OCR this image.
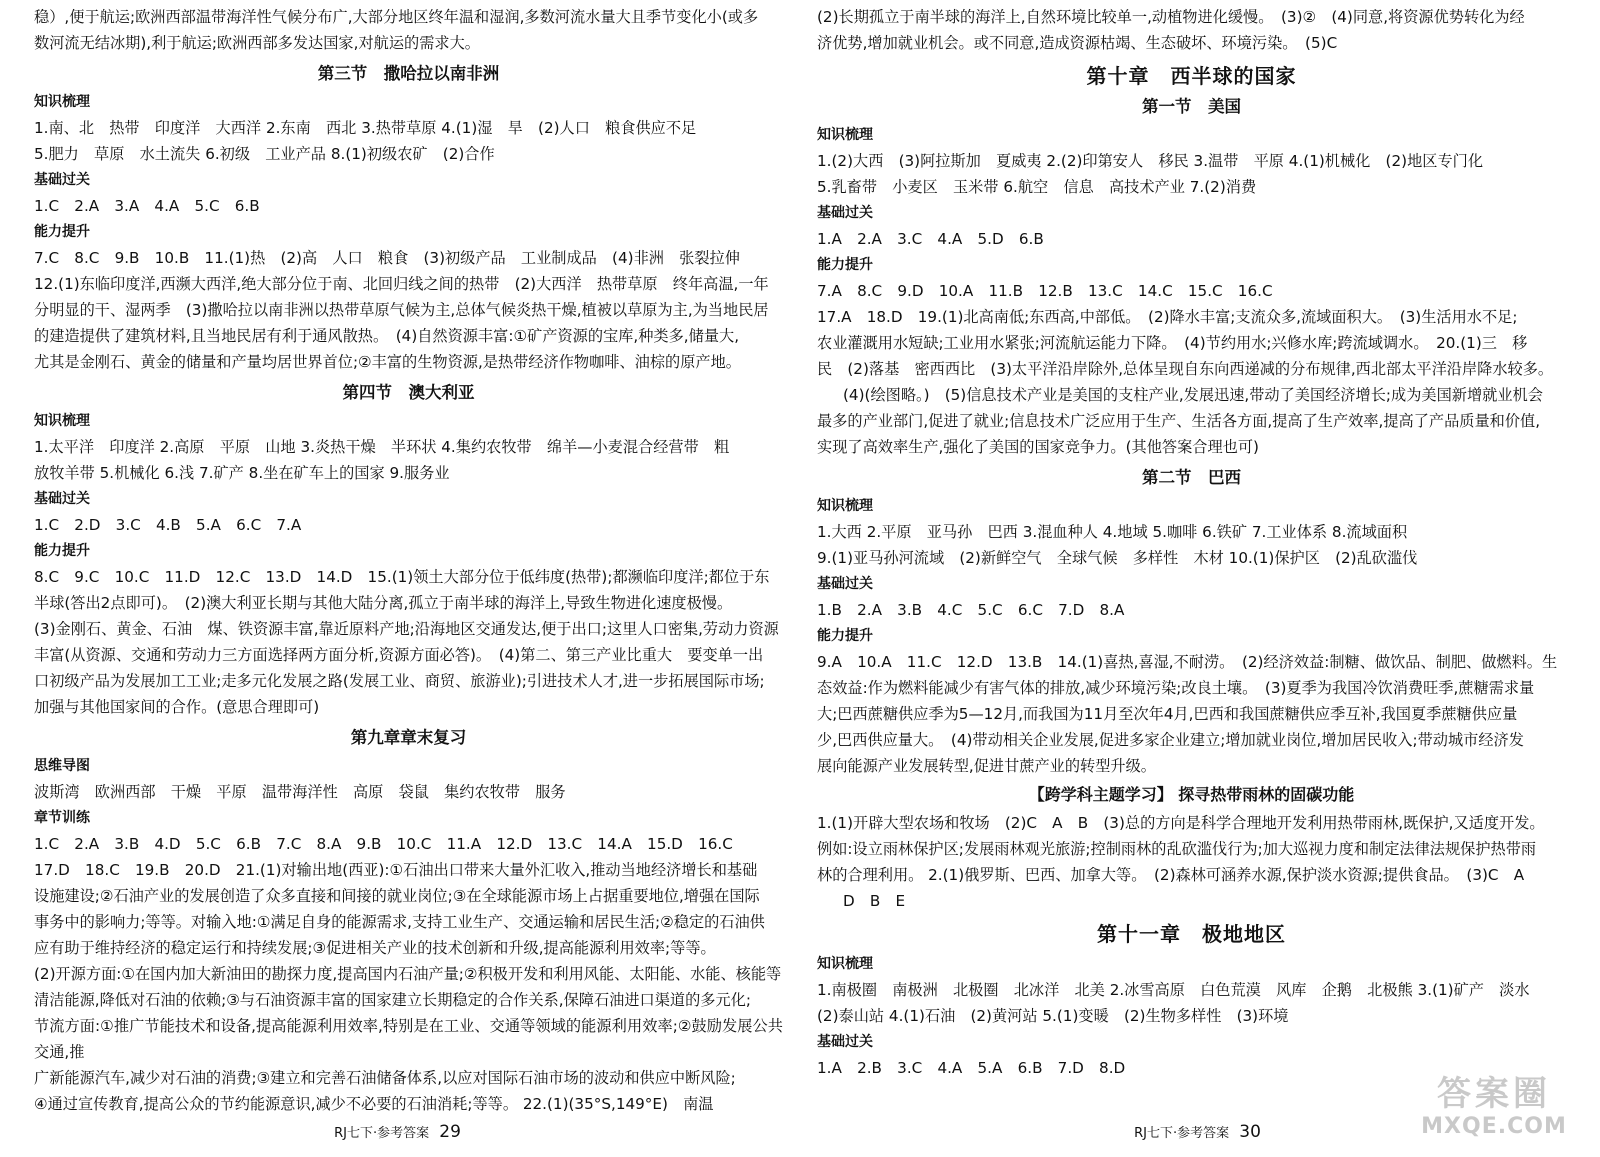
稳）,便于航运;欧洲西部温带海洋性气候分布广,大部分地区终年温和湿润,多数河流水量大且季节变化小(或多

数河流无结冰期),利于航运;欧洲西部多发达国家,对航运的需求大。

第三节　撒哈拉以南非洲

知识梳理

1.南、北　热带　印度洋　大西洋 2.东南　西北 3.热带草原 4.(1)湿　旱　(2)人口　粮食供应不足

5.肥力　草原　水土流失 6.初级　工业产品 8.(1)初级农矿　(2)合作

基础过关

1.C　2.A　3.A　4.A　5.C　6.B

能力提升

7.C　8.C　9.B　10.B　11.(1)热　(2)高　人口　粮食　(3)初级产品　工业制成品　(4)非洲　张裂拉伸

12.(1)东临印度洋,西濒大西洋,绝大部分位于南、北回归线之间的热带　(2)大西洋　热带草原　终年高温,一年

分明显的干、湿两季　(3)撒哈拉以南非洲以热带草原气候为主,总体气候炎热干燥,植被以草原为主,为当地民居

的建造提供了建筑材料,且当地民居有利于通风散热。　(4)自然资源丰富:①矿产资源的宝库,种类多,储量大,

尤其是金刚石、黄金的储量和产量均居世界首位;②丰富的生物资源,是热带经济作物咖啡、油棕的原产地。

第四节　澳大利亚

知识梳理

1.太平洋　印度洋 2.高原　平原　山地 3.炎热干燥　半环状 4.集约农牧带　绵羊—小麦混合经营带　粗

放牧羊带 5.机械化 6.浅 7.矿产 8.坐在矿车上的国家 9.服务业

基础过关

1.C　2.D　3.C　4.B　5.A　6.C　7.A

能力提升

8.C　9.C　10.C　11.D　12.C　13.D　14.D　15.(1)领土大部分位于低纬度(热带);都濒临印度洋;都位于东

半球(答出2点即可)。　(2)澳大利亚长期与其他大陆分离,孤立于南半球的海洋上,导致生物进化速度极慢。

(3)金刚石、黄金、石油　煤、铁资源丰富,靠近原料产地;沿海地区交通发达,便于出口;这里人口密集,劳动力资源

丰富(从资源、交通和劳动力三方面选择两方面分析,资源方面必答)。　(4)第二、第三产业比重大　要变单一出

口初级产品为发展加工工业;走多元化发展之路(发展工业、商贸、旅游业);引进技术人才,进一步拓展国际市场;

加强与其他国家间的合作。(意思合理即可)

第九章章末复习

思维导图

波斯湾　欧洲西部　干燥　平原　温带海洋性　高原　袋鼠　集约农牧带　服务

章节训练

1.C　2.A　3.B　4.D　5.C　6.B　7.C　8.A　9.B　10.C　11.A　12.D　13.C　14.A　15.D　16.C

17.D　18.C　19.B　20.D　21.(1)对输出地(西亚):①石油出口带来大量外汇收入,推动当地经济增长和基础

设施建设;②石油产业的发展创造了众多直接和间接的就业岗位;③在全球能源市场上占据重要地位,增强在国际

事务中的影响力;等等。对输入地:①满足自身的能源需求,支持工业生产、交通运输和居民生活;②稳定的石油供

应有助于维持经济的稳定运行和持续发展;③促进相关产业的技术创新和升级,提高能源利用效率;等等。

(2)开源方面:①在国内加大新油田的勘探力度,提高国内石油产量;②积极开发和利用风能、太阳能、水能、核能等

清洁能源,降低对石油的依赖;③与石油资源丰富的国家建立长期稳定的合作关系,保障石油进口渠道的多元化;

节流方面:①推广节能技术和设备,提高能源利用效率,特别是在工业、交通等领域的能源利用效率;②鼓励发展公共交通,推

广新能源汽车,减少对石油的消费;③建立和完善石油储备体系,以应对国际石油市场的波动和供应中断风险;

④通过宣传教育,提高公众的节约能源意识,减少不必要的石油消耗;等等。 22.(1)(35°S,149°E)　南温

RJ七下·参考答案 29

(2)长期孤立于南半球的海洋上,自然环境比较单一,动植物进化缓慢。　(3)②　(4)同意,将资源优势转化为经

济优势,增加就业机会。或不同意,造成资源枯竭、生态破坏、环境污染。　(5)C

第十章　西半球的国家
第一节　美国

知识梳理

1.(2)大西　(3)阿拉斯加　夏威夷 2.(2)印第安人　移民 3.温带　平原 4.(1)机械化　(2)地区专门化

5.乳畜带　小麦区　玉米带 6.航空　信息　高技术产业 7.(2)消费

基础过关

1.A　2.A　3.C　4.A　5.D　6.B

能力提升

7.A　8.C　9.D　10.A　11.B　12.B　13.C　14.C　15.C　16.C

17.A　18.D　19.(1)北高南低;东西高,中部低。　(2)降水丰富;支流众多,流域面积大。　(3)生活用水不足;

农业灌溉用水短缺;工业用水紧张;河流航运能力下降。　(4)节约用水;兴修水库;跨流域调水。　20.(1)三　移

民　(2)落基　密西西比　(3)太平洋沿岸除外,总体呈现自东向西递减的分布规律,西北部太平洋沿岸降水较多。

(4)(绘图略。)　(5)信息技术产业是美国的支柱产业,发展迅速,带动了美国经济增长;成为美国新增就业机会

最多的产业部门,促进了就业;信息技术广泛应用于生产、生活各方面,提高了生产效率,提高了产品质量和价值,

实现了高效率生产,强化了美国的国家竞争力。(其他答案合理也可)

第二节　巴西

知识梳理

1.大西 2.平原　亚马孙　巴西 3.混血种人 4.地域 5.咖啡 6.铁矿 7.工业体系 8.流域面积

9.(1)亚马孙河流域　(2)新鲜空气　全球气候　多样性　木材 10.(1)保护区　(2)乱砍滥伐

基础过关

1.B　2.A　3.B　4.C　5.C　6.C　7.D　8.A

能力提升

9.A　10.A　11.C　12.D　13.B　14.(1)喜热,喜湿,不耐涝。　(2)经济效益:制糖、做饮品、制肥、做燃料。生

态效益:作为燃料能减少有害气体的排放,减少环境污染;改良土壤。　(3)夏季为我国冷饮消费旺季,蔗糖需求量

大;巴西蔗糖供应季为5—12月,而我国为11月至次年4月,巴西和我国蔗糖供应季互补,我国夏季蔗糖供应量

少,巴西供应量大。　(4)带动相关企业发展,促进多家企业建立;增加就业岗位,增加居民收入;带动城市经济发

展向能源产业发展转型,促进甘蔗产业的转型升级。

【跨学科主题学习】 探寻热带雨林的固碳功能

1.(1)开辟大型农场和牧场　(2)C　A　B　(3)总的方向是科学合理地开发利用热带雨林,既保护,又适度开发。

例如:设立雨林保护区;发展雨林观光旅游;控制雨林的乱砍滥伐行为;加大巡视力度和制定法律法规保护热带雨

林的合理利用。 2.(1)俄罗斯、巴西、加拿大等。　(2)森林可涵养水源,保护淡水资源;提供食品。　(3)C　A

D　B　E

第十一章　极地地区

知识梳理

1.南极圈　南极洲　北极圈　北冰洋　北美 2.冰雪高原　白色荒漠　风库　企鹅　北极熊 3.(1)矿产　淡水

(2)泰山站 4.(1)石油　(2)黄河站 5.(1)变暖　(2)生物多样性　(3)环境

基础过关

1.A　2.B　3.C　4.A　5.A　6.B　7.D　8.D

RJ七下·参考答案 30
答案圈
MXQE.COM
